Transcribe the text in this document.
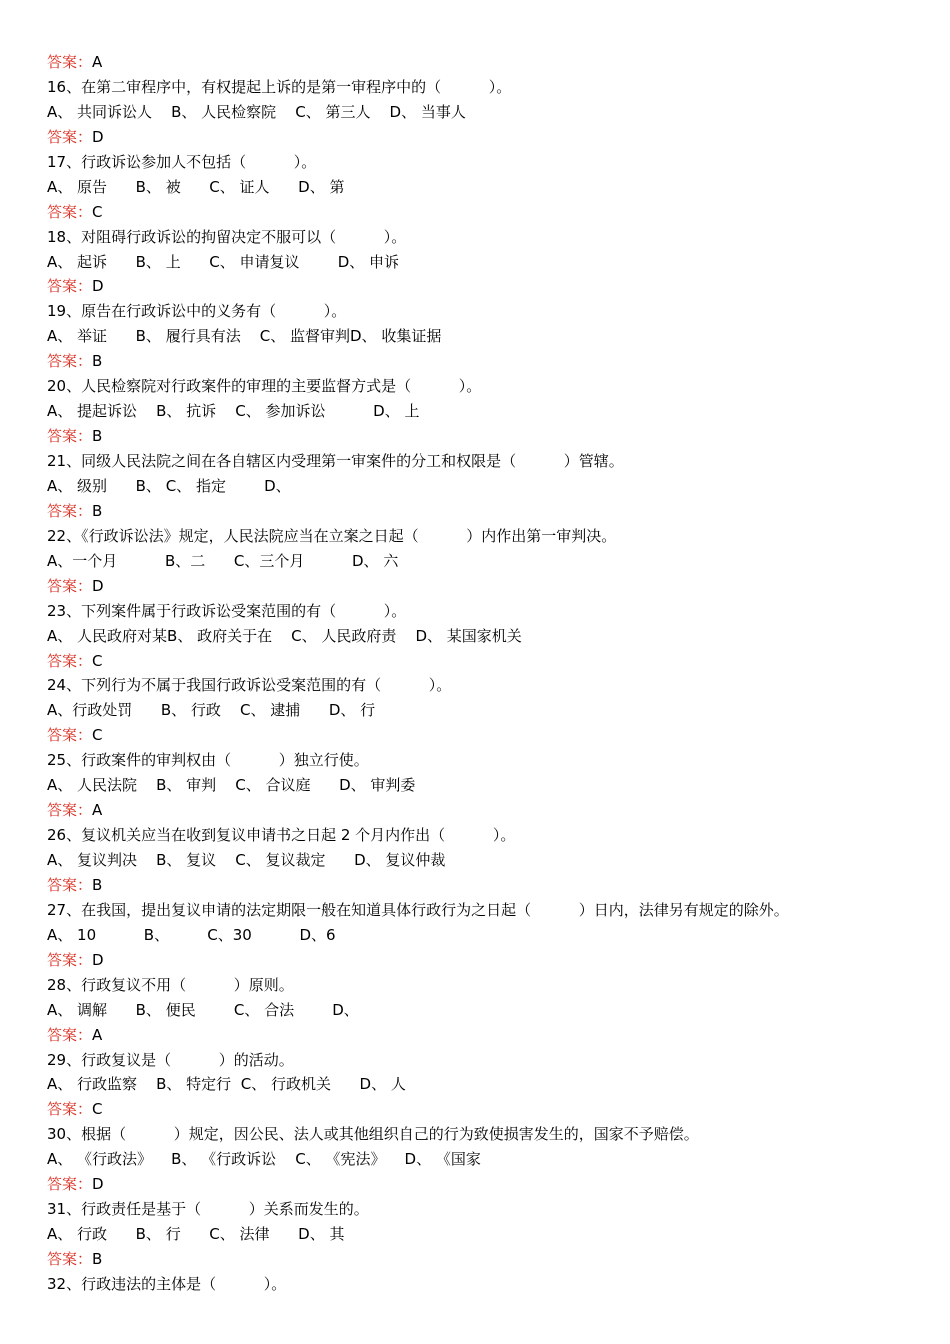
答案：A
16、在第二审程序中，有权提起上诉的是第一审程序中的（          ）。
A、 共同诉讼人    B、 人民检察院    C、 第三人    D、 当事人
答案：D
17、行政诉讼参加人不包括（          ）。
A、 原告      B、 被      C、 证人      D、 第
答案：C
18、对阻碍行政诉讼的拘留决定不服可以（          ）。
A、 起诉      B、 上      C、 申请复议        D、 申诉
答案：D
19、原告在行政诉讼中的义务有（          ）。
A、 举证      B、 履行具有法    C、 监督审判D、 收集证据
答案：B
20、人民检察院对行政案件的审理的主要监督方式是（          ）。
A、 提起诉讼    B、 抗诉    C、 参加诉讼          D、 上
答案：B
21、同级人民法院之间在各自辖区内受理第一审案件的分工和权限是（          ）管辖。
A、 级别      B、 C、 指定        D、
答案：B
22、《行政诉讼法》规定，人民法院应当在立案之日起（          ）内作出第一审判决。
A、一个月          B、二      C、三个月          D、 六
答案：D
23、下列案件属于行政诉讼受案范围的有（          ）。
A、 人民政府对某B、 政府关于在    C、 人民政府责    D、 某国家机关
答案：C
24、下列行为不属于我国行政诉讼受案范围的有（          ）。
A、行政处罚      B、 行政    C、 逮捕      D、 行
答案：C
25、行政案件的审判权由（          ）独立行使。
A、 人民法院    B、 审判    C、 合议庭      D、 审判委
答案：A
26、复议机关应当在收到复议申请书之日起 2 个月内作出（          ）。
A、 复议判决    B、 复议    C、 复议裁定      D、 复议仲裁
答案：B
27、在我国，提出复议申请的法定期限一般在知道具体行政行为之日起（          ）日内，法律另有规定的除外。
A、 10          B、        C、30          D、6
答案：D
28、行政复议不用（          ）原则。
A、 调解      B、 便民        C、 合法        D、
答案：A
29、行政复议是（          ）的活动。
A、 行政监察    B、 特定行  C、 行政机关      D、 人
答案：C
30、根据（          ）规定，因公民、法人或其他组织自己的行为致使损害发生的，国家不予赔偿。
A、 《行政法》    B、 《行政诉讼    C、 《宪法》    D、 《国家
答案：D
31、行政责任是基于（          ）关系而发生的。
A、 行政      B、 行      C、 法律      D、 其
答案：B
32、行政违法的主体是（          ）。
